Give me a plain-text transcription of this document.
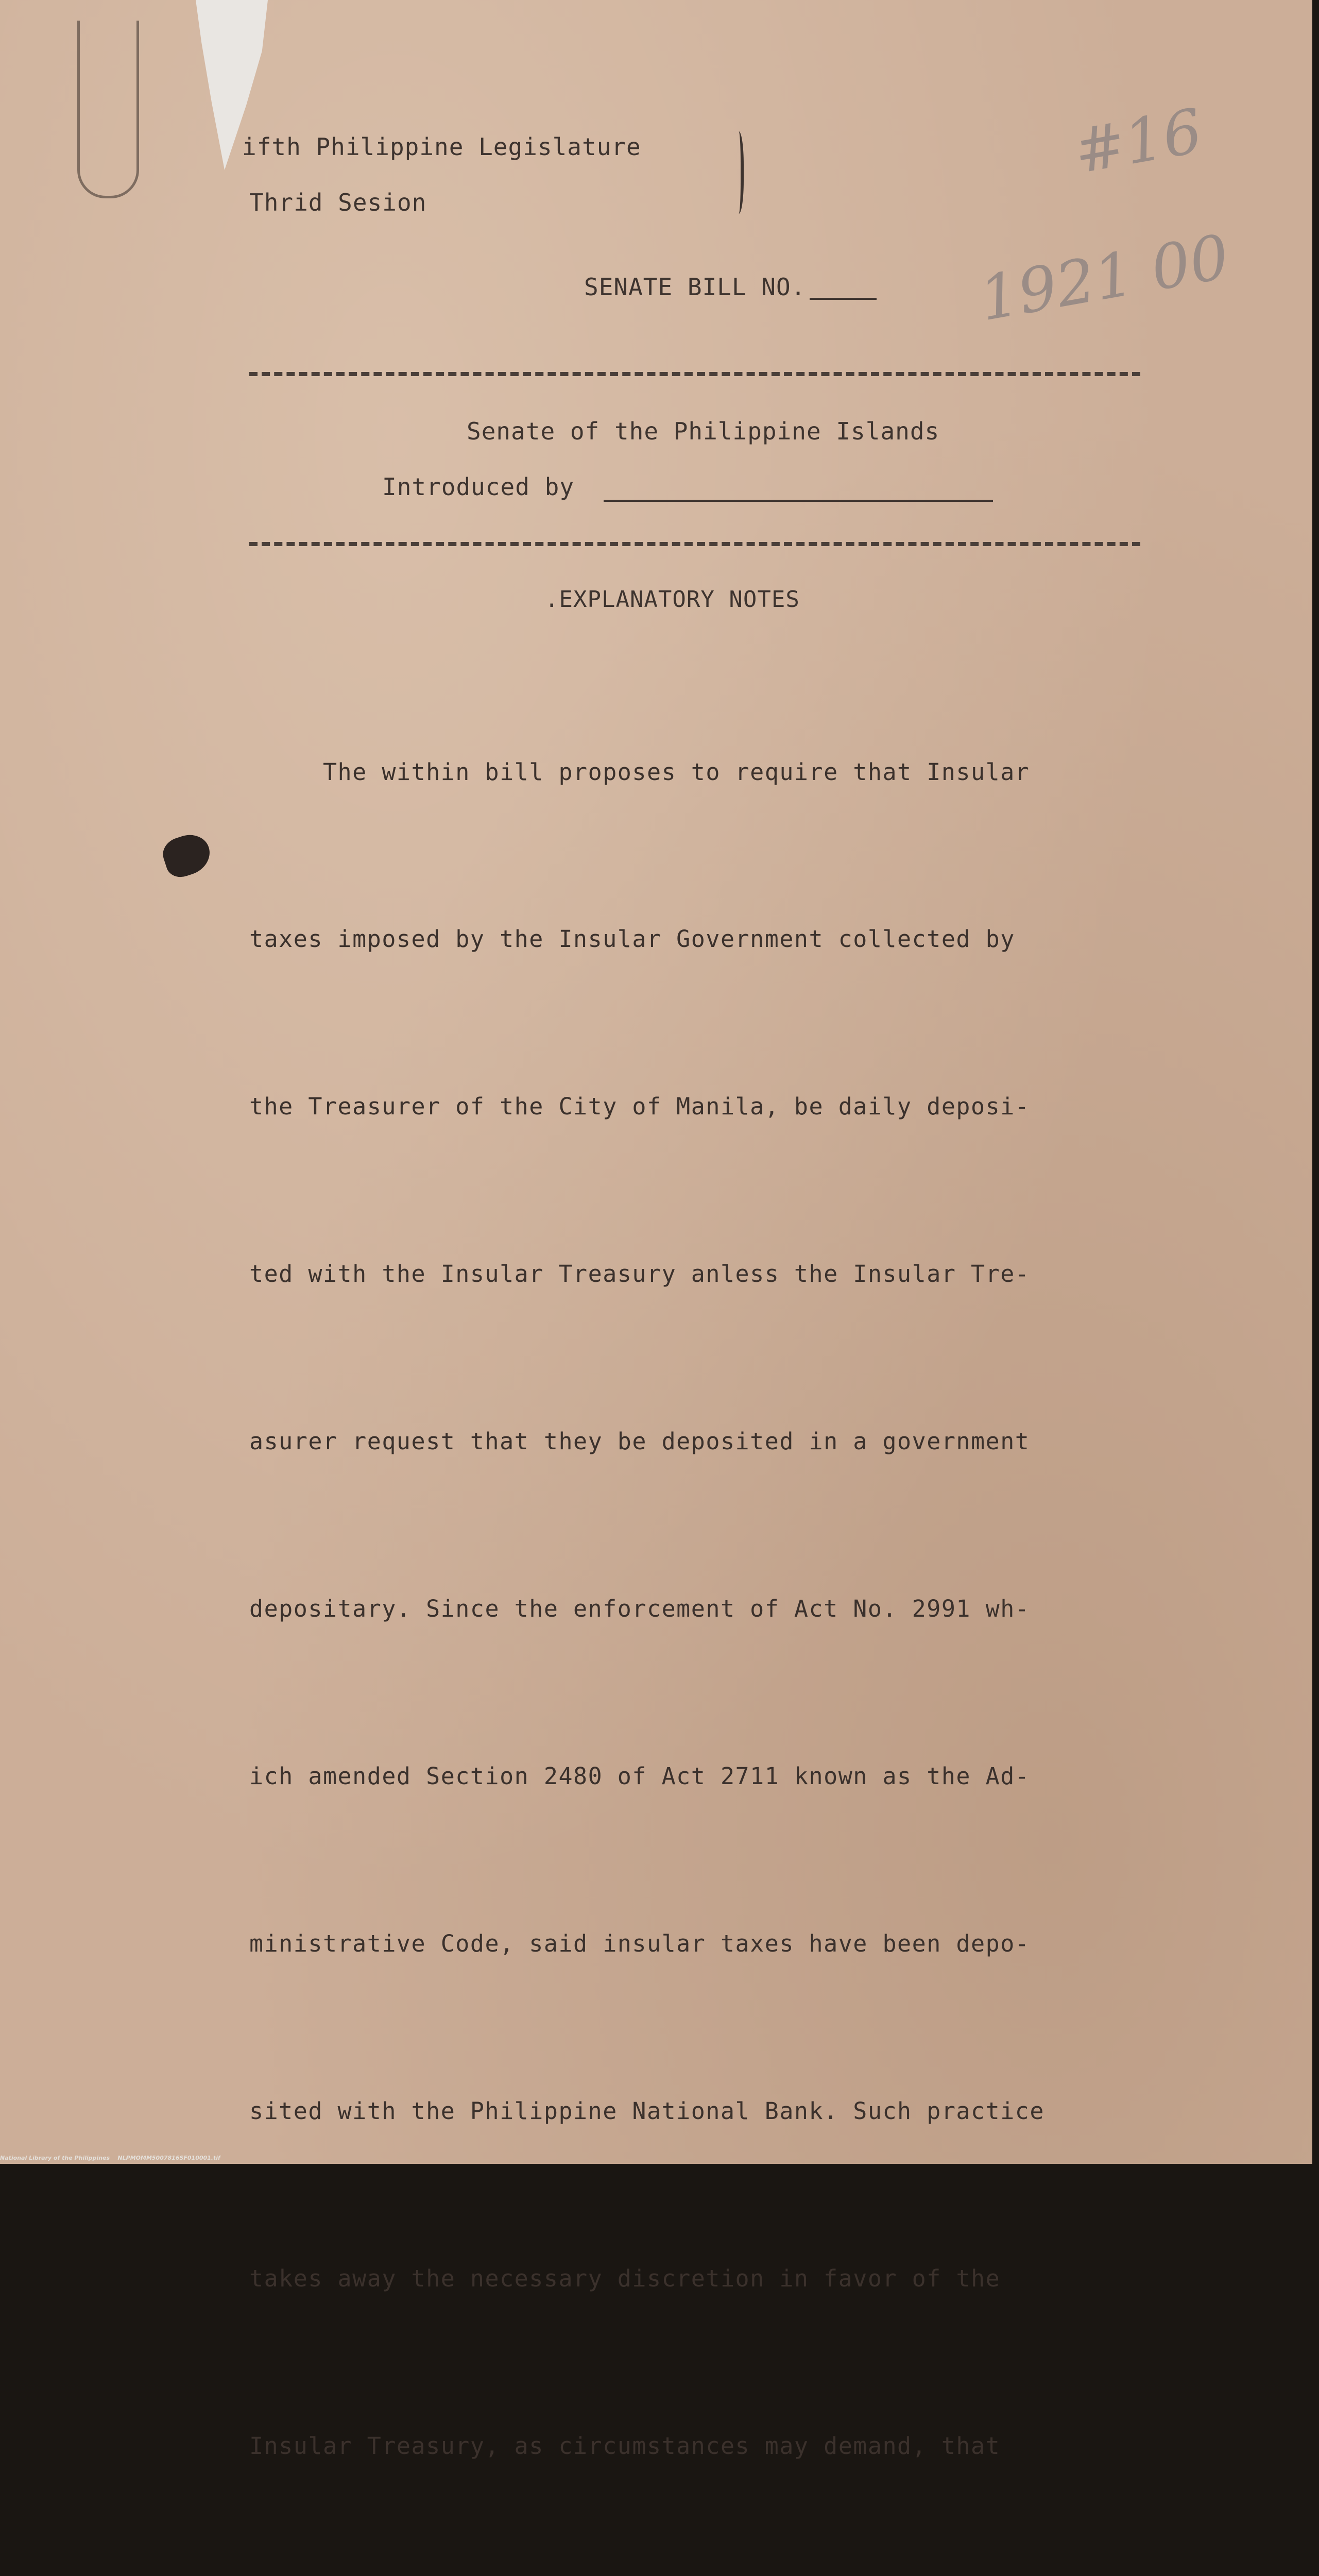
ifth Philippine Legislature
Thrid Sesion
SENATE BILL NO.
#16
1921 00
Senate of the Philippine Islands
Introduced by
.EXPLANATORY NOTES

The within bill proposes to require that Insular

taxes imposed by the Insular Government collected by

the Treasurer of the City of Manila, be daily deposi-

ted with the Insular Treasury anless the Insular Tre-

asurer request that they be deposited in a government

depositary. Since the enforcement of Act No. 2991 wh-

ich amended Section 2480 of Act 2711 known as the Ad-

ministrative Code, said insular taxes have been depo-

sited with the Philippine National Bank. Such practice

takes away the necessary discretion in favor of the

Insular Treasury, as circumstances may demand, that

National Library of the Philippines    NLPMOMM5007816SF010001.tif
